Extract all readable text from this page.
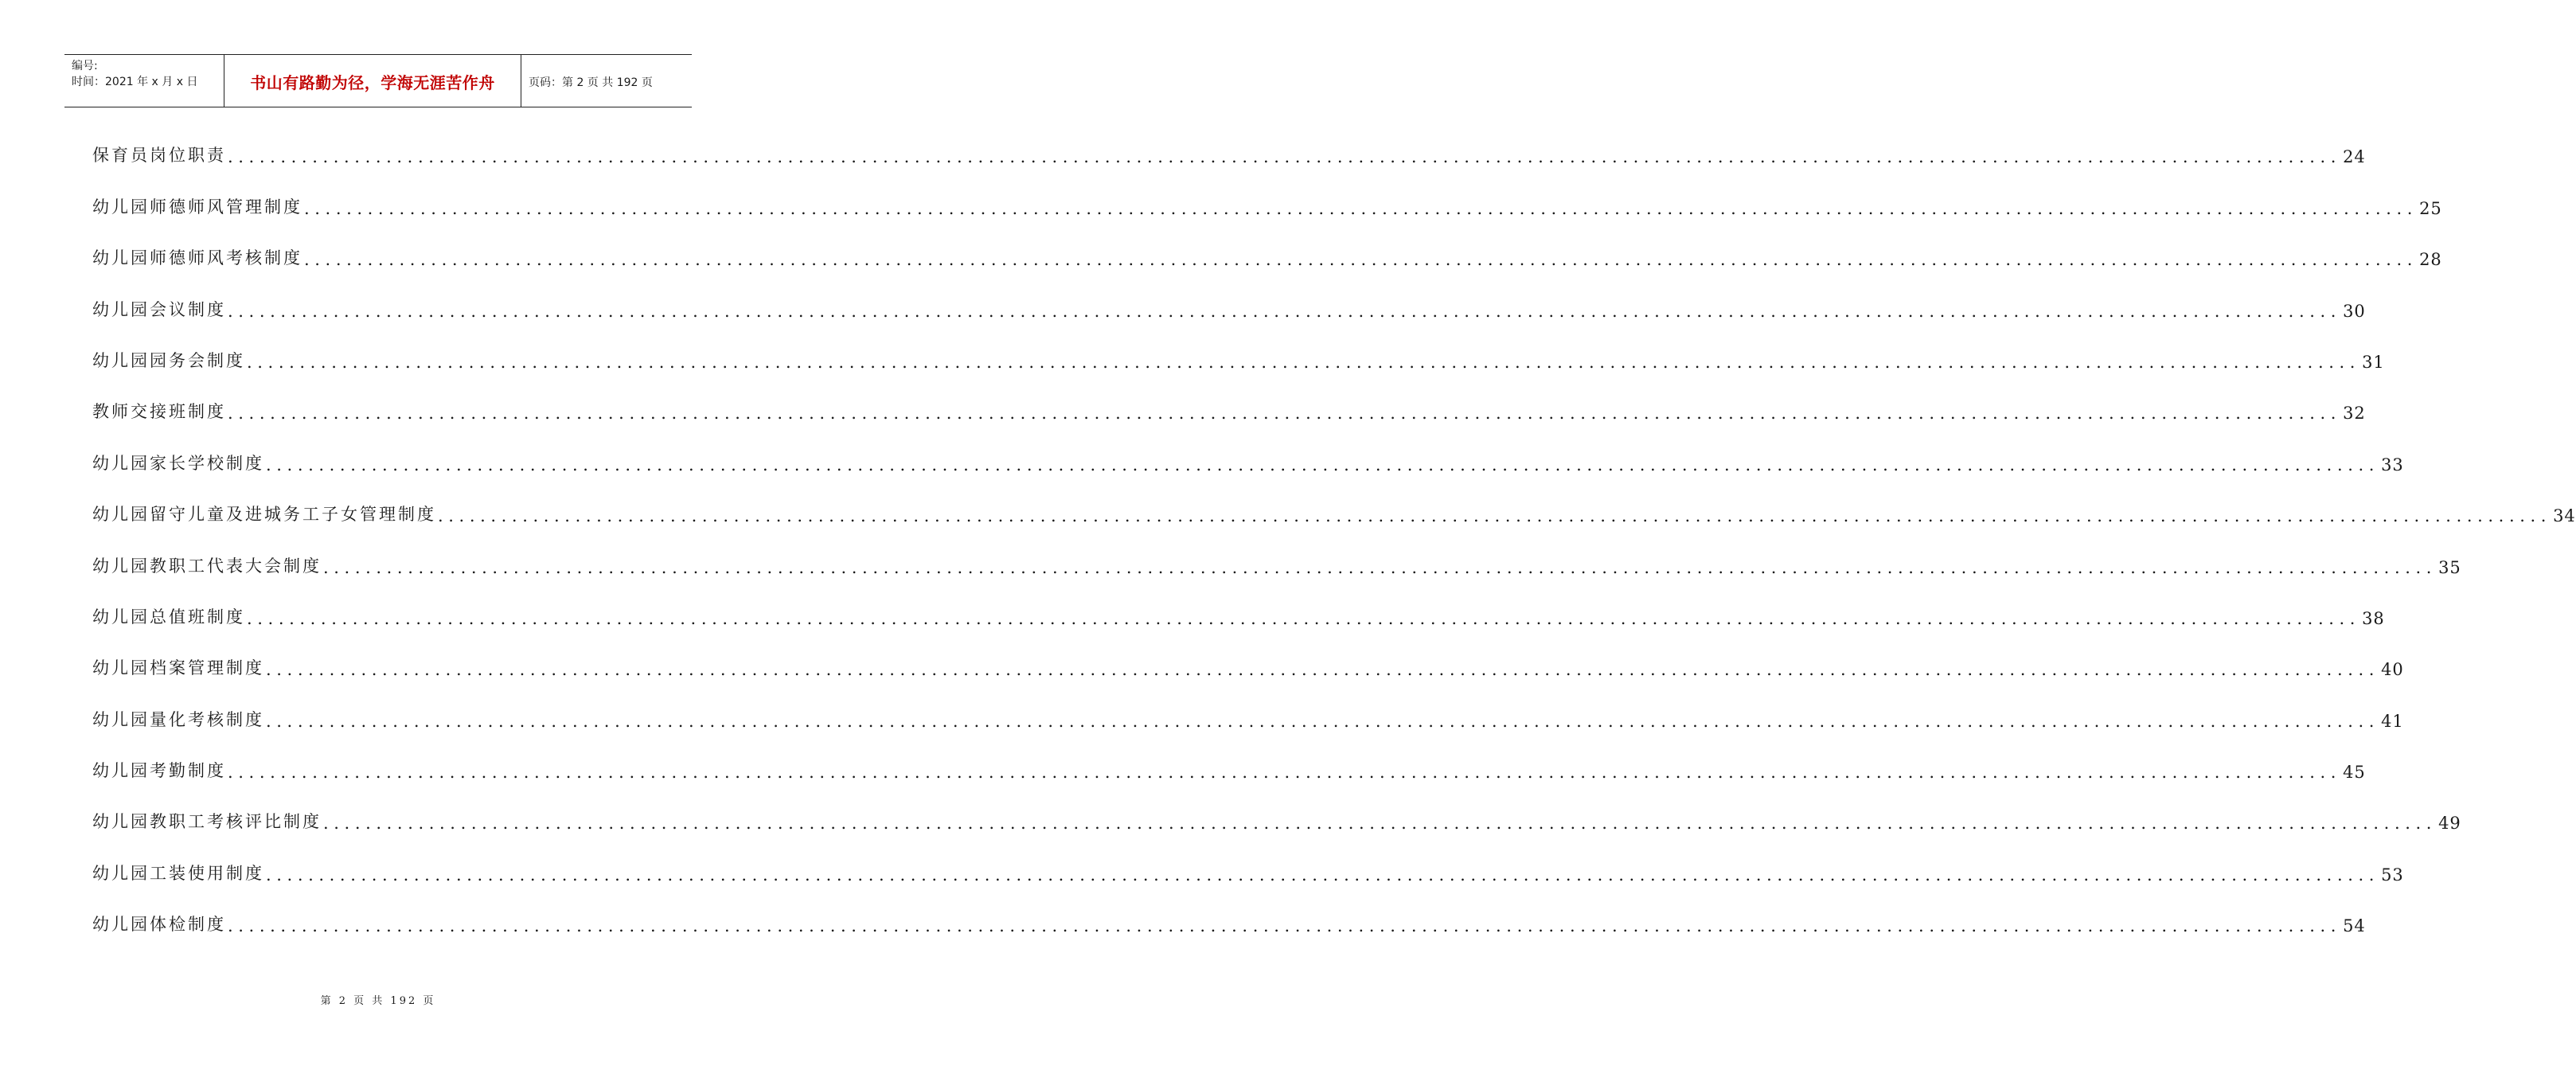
编号:
时间：2021 年 x 月 x 日	书山有路勤为径，学海无涯苦作舟	页码：第 2 页 共 192 页
保育员岗位职责 ........................................................................................................................................................................................................ 24
幼儿园师德师风管理制度 ........................................................................................................................................................................................................ 25
幼儿园师德师风考核制度 ........................................................................................................................................................................................................ 28
幼儿园会议制度 ........................................................................................................................................................................................................ 30
幼儿园园务会制度 ........................................................................................................................................................................................................ 31
教师交接班制度 ........................................................................................................................................................................................................ 32
幼儿园家长学校制度 ........................................................................................................................................................................................................ 33
幼儿园留守儿童及进城务工子女管理制度 ........................................................................................................................................................................................................ 34
幼儿园教职工代表大会制度 ........................................................................................................................................................................................................ 35
幼儿园总值班制度 ........................................................................................................................................................................................................ 38
幼儿园档案管理制度 ........................................................................................................................................................................................................ 40
幼儿园量化考核制度 ........................................................................................................................................................................................................ 41
幼儿园考勤制度 ........................................................................................................................................................................................................ 45
幼儿园教职工考核评比制度 ........................................................................................................................................................................................................ 49
幼儿园工装使用制度 ........................................................................................................................................................................................................ 53
幼儿园体检制度 ........................................................................................................................................................................................................ 54
第 2 页 共 192 页
